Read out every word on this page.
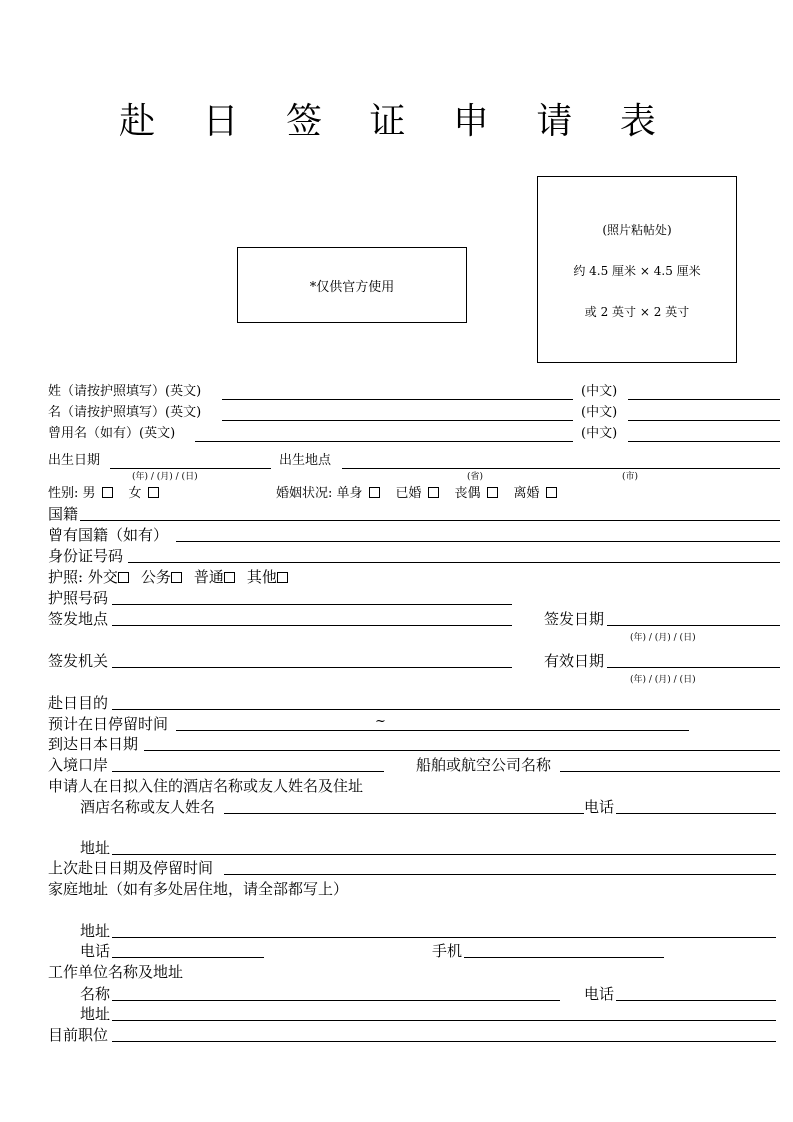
赴 日 签 证 申 请 表
*仅供官方使用
(照片粘帖处)
约 4.5 厘米 × 4.5 厘米
或 2 英寸 × 2 英寸
姓（请按护照填写）(英文)	(中文)
名（请按护照填写）(英文)	(中文)
曾用名（如有）(英文)	(中文)
出生日期
(年) / (月) / (日)
出生地点
(省)	(市)
性别: 男	女	婚姻状况: 单身	已婚	丧偶	离婚
国籍
曾有国籍（如有）
身份证号码
护照: 外交 公务 普通 其他
护照号码
签发地点	签发日期
(年) / (月) / (日)
签发机关	有效日期
(年) / (月) / (日)
赴日目的
预计在日停留时间	~
到达日本日期
入境口岸	船舶或航空公司名称
申请人在日拟入住的酒店名称或友人姓名及住址
酒店名称或友人姓名	电话
地址
上次赴日日期及停留时间
家庭地址（如有多处居住地，请全部都写上）
地址
电话	手机
工作单位名称及地址
名称	电话
地址
目前职位
